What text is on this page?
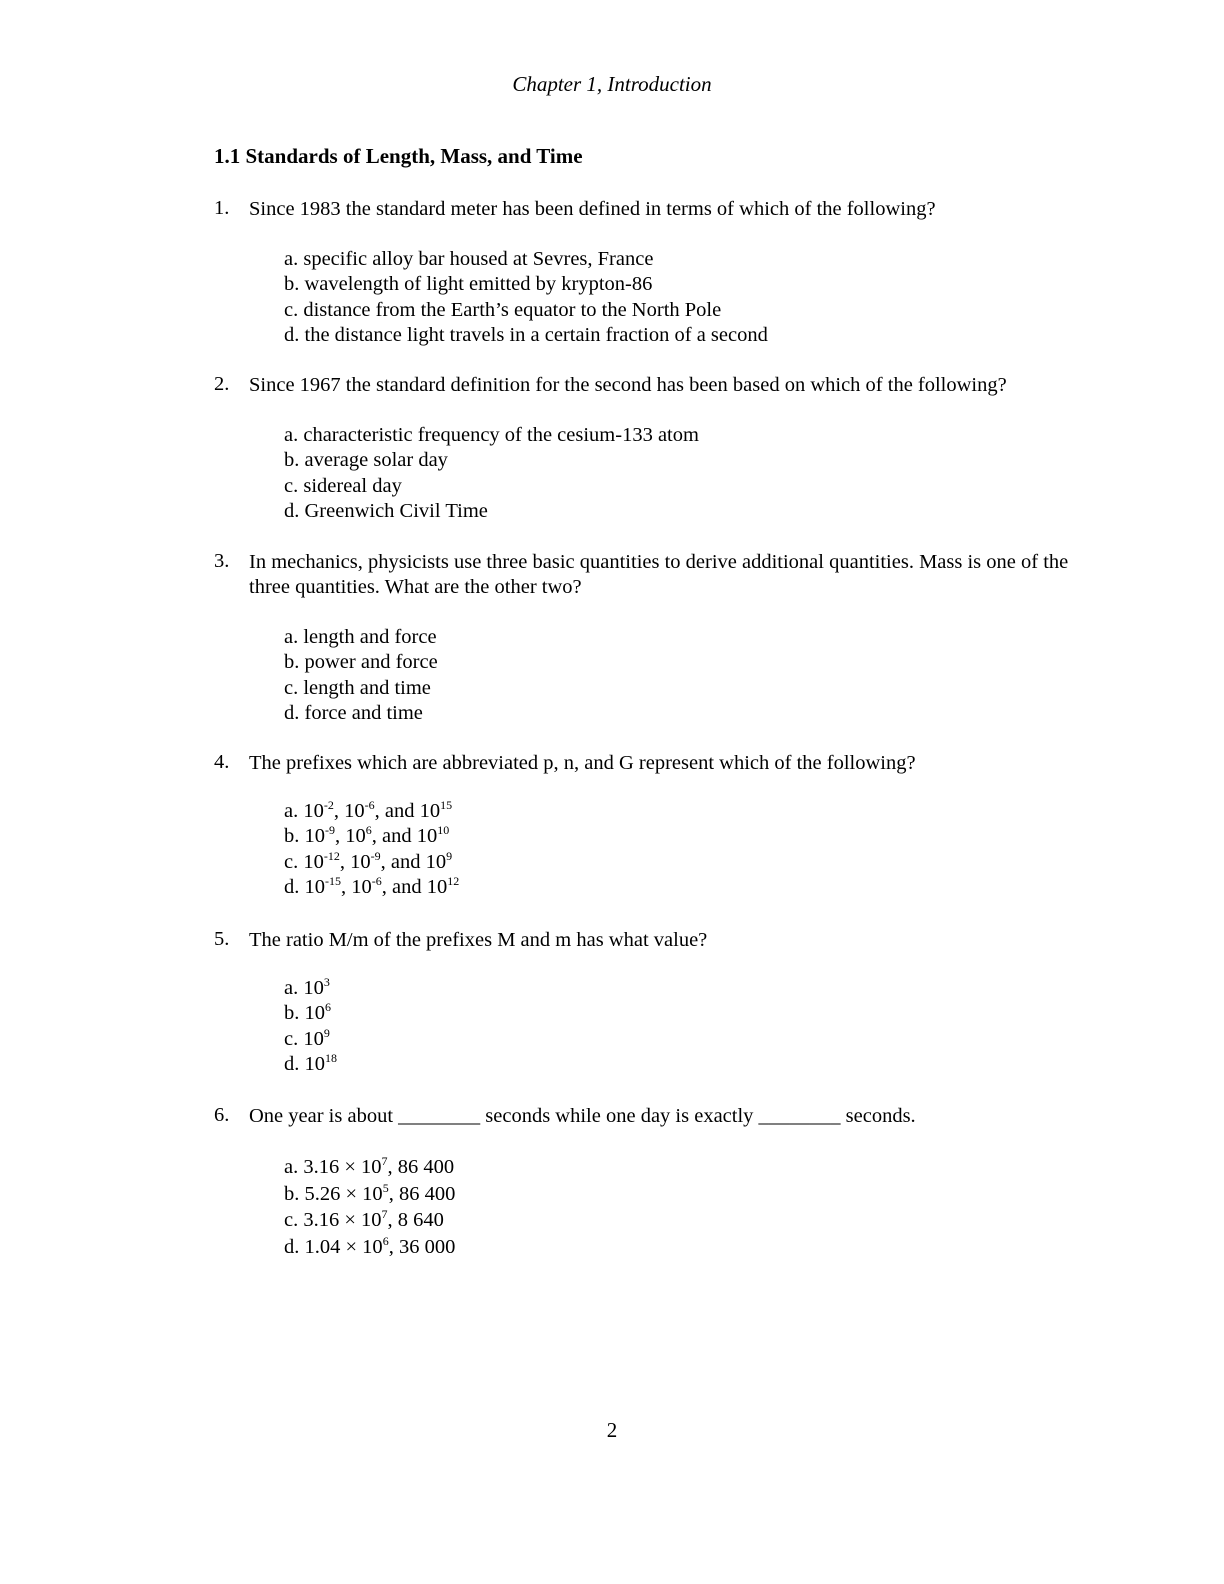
Chapter 1, Introduction
1.1 Standards of Length, Mass, and Time
1. Since 1983 the standard meter has been defined in terms of which of the following?
a. specific alloy bar housed at Sevres, France
b. wavelength of light emitted by krypton-86
c. distance from the Earth’s equator to the North Pole
d. the distance light travels in a certain fraction of a second
2. Since 1967 the standard definition for the second has been based on which of the following?
a. characteristic frequency of the cesium-133 atom
b. average solar day
c. sidereal day
d. Greenwich Civil Time
3. In mechanics, physicists use three basic quantities to derive additional quantities. Mass is one of the three quantities. What are the other two?
a. length and force
b. power and force
c. length and time
d. force and time
4. The prefixes which are abbreviated p, n, and G represent which of the following?
a. $10^{-2}$, $10^{-6}$, and $10^{15}$
b. $10^{-9}$, $10^6$, and $10^{10}$
c. $10^{-12}$, $10^{-9}$, and $10^9$
d. $10^{-15}$, $10^{-6}$, and $10^{12}$
5. The ratio M/m of the prefixes M and m has what value?
a. $10^3$
b. $10^6$
c. $10^9$
d. $10^{18}$
6. One year is about ________ seconds while one day is exactly ________ seconds.
a. $3.16 \times 10^7$, 86 400
b. $5.26 \times 10^5$, 86 400
c. $3.16 \times 10^7$, 8 640
d. $1.04 \times 10^6$, 36 000
2
